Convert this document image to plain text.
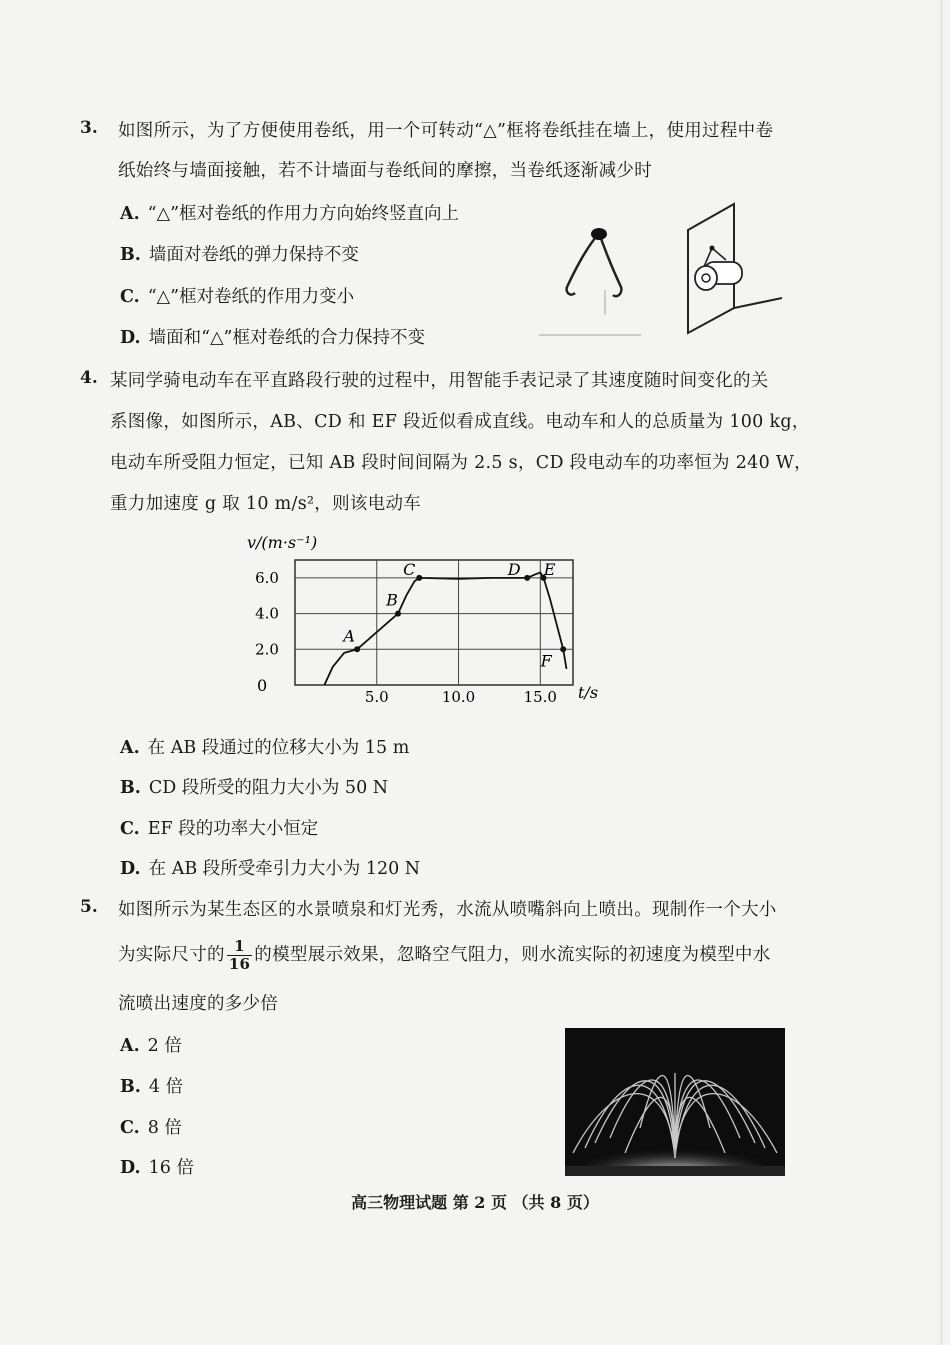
3. 如图所示，为了方便使用卷纸，用一个可转动“△”框将卷纸挂在墙上，使用过程中卷
纸始终与墙面接触，若不计墙面与卷纸间的摩擦，当卷纸逐渐减少时
A. “△”框对卷纸的作用力方向始终竖直向上
B. 墙面对卷纸的弹力保持不变
C. “△”框对卷纸的作用力变小
D. 墙面和“△”框对卷纸的合力保持不变
4. 某同学骑电动车在平直路段行驶的过程中，用智能手表记录了其速度随时间变化的关
系图像，如图所示，AB、CD 和 EF 段近似看成直线。电动车和人的总质量为 100 kg，
电动车所受阻力恒定，已知 AB 段时间间隔为 2.5 s，CD 段电动车的功率恒为 240 W，
重力加速度 g 取 10 m/s²，则该电动车
A
B
C	D E
F
5.0	10.0	15.0
6.0
4.0
2.0
v/(m·s⁻¹)
t/s
0
A. 在 AB 段通过的位移大小为 15 m
B. CD 段所受的阻力大小为 50 N
C. EF 段的功率大小恒定
D. 在 AB 段所受牵引力大小为 120 N
5. 如图所示为某生态区的水景喷泉和灯光秀，水流从喷嘴斜向上喷出。现制作一个大小
为实际尺寸的 $\frac{1}{16}$ 的模型展示效果，忽略空气阻力，则水流实际的初速度为模型中水
流喷出速度的多少倍
A. 2 倍
B. 4 倍
C. 8 倍
D. 16 倍
高三物理试题 第 2 页 （共 8 页）
